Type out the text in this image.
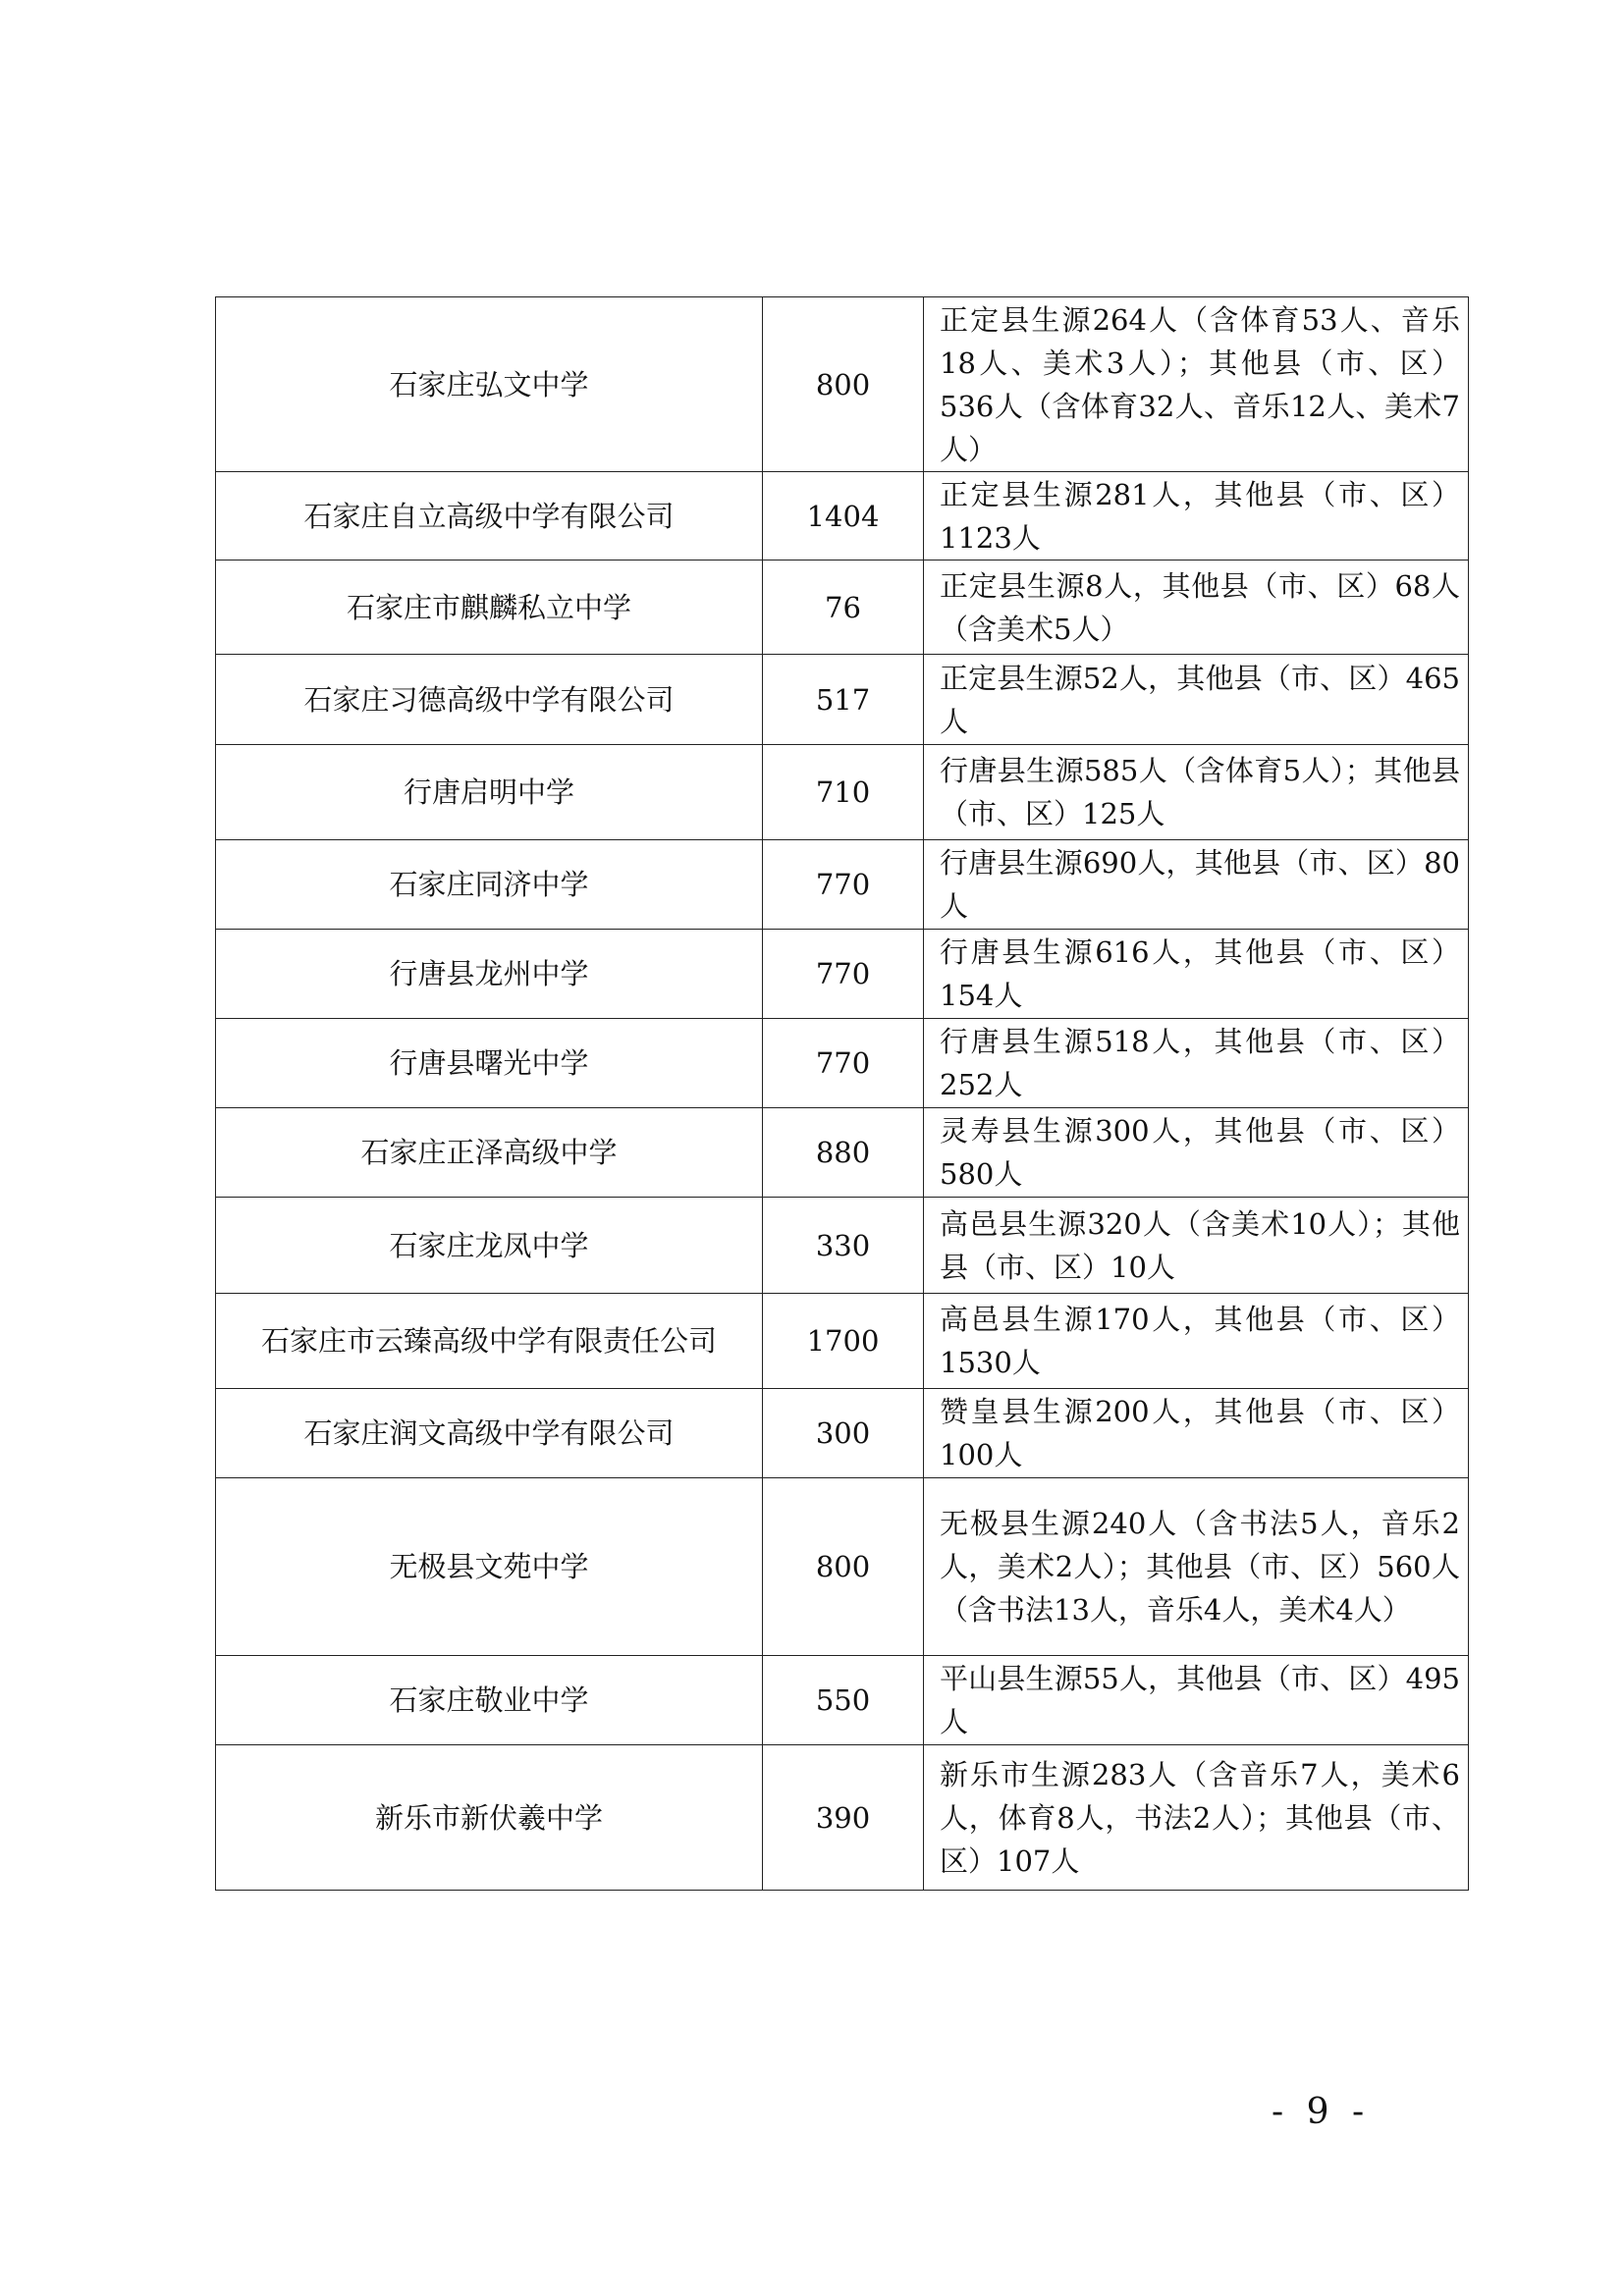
石家庄弘文中学	800	正定县生源264人（含体育53人、音乐18人、美术3人）；其他县（市、区） 536人（含体育32人、音乐12人、美术7人）
石家庄自立高级中学有限公司	1404	正定县生源281人，其他县（市、区）1123人
石家庄市麒麟私立中学	76	正定县生源8人，其他县（市、区）68人（含美术5人）
石家庄习德高级中学有限公司	517	正定县生源52人，其他县（市、区）465人
行唐启明中学	710	行唐县生源585人（含体育5人）；其他县（市、区）125人
石家庄同济中学	770	行唐县生源690人，其他县（市、区）80人
行唐县龙州中学	770	行唐县生源616人，其他县（市、区）154人
行唐县曙光中学	770	行唐县生源518人，其他县（市、区）252人
石家庄正泽高级中学	880	灵寿县生源300人，其他县（市、区）580人
石家庄龙凤中学	330	高邑县生源320人（含美术10人）；其他县（市、区）10人
石家庄市云臻高级中学有限责任公司	1700	高邑县生源170人，其他县（市、区）1530人
石家庄润文高级中学有限公司	300	赞皇县生源200人，其他县（市、区）100人
无极县文苑中学	800	无极县生源240人（含书法5人，音乐2人，美术2人）；其他县（市、区）560人（含书法13人，音乐4人，美术4人）
石家庄敬业中学	550	平山县生源55人，其他县（市、区）495人
新乐市新伏羲中学	390	新乐市生源283人（含音乐7人，美术6人，体育8人，书法2人）；其他县（市、区）107人
- 9 -
